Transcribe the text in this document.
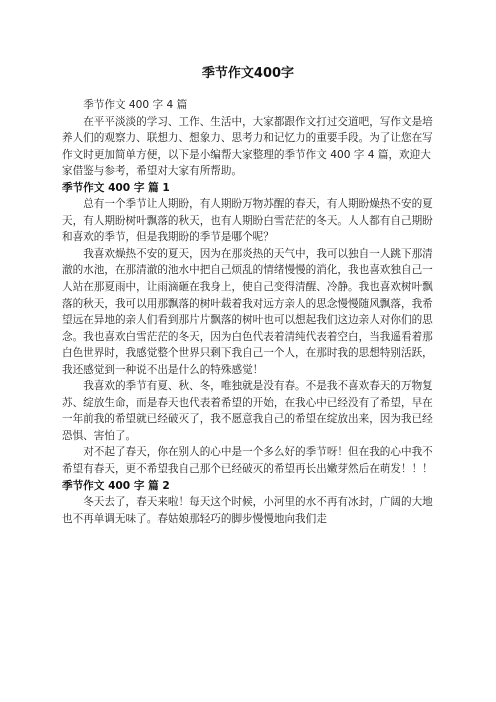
季节作文400字

季节作文 400 字 4 篇

在平平淡淡的学习、工作、生活中，大家都跟作文打过交道吧，写作文是培养人们的观察力、联想力、想象力、思考力和记忆力的重要手段。为了让您在写作文时更加简单方便，以下是小编帮大家整理的季节作文 400 字 4 篇，欢迎大家借鉴与参考，希望对大家有所帮助。

季节作文 400 字 篇 1

总有一个季节让人期盼，有人期盼万物苏醒的春天，有人期盼燥热不安的夏天，有人期盼树叶飘落的秋天，也有人期盼白雪茫茫的冬天。人人都有自己期盼和喜欢的季节，但是我期盼的季节是哪个呢？

我喜欢燥热不安的夏天，因为在那炎热的天气中，我可以独自一人跳下那清澈的水池，在那清澈的池水中把自己烦乱的情绪慢慢的消化，我也喜欢独自己一人站在那夏雨中，让雨滴砸在我身上，使自己变得清醒、冷静。我也喜欢树叶飘落的秋天，我可以用那飘落的树叶载着我对远方亲人的思念慢慢随风飘落，我希望远在异地的亲人们看到那片片飘落的树叶也可以想起我们这边亲人对你们的思念。我也喜欢白雪茫茫的冬天，因为白色代表着清纯代表着空白，当我遥看着那白色世界时，我感觉整个世界只剩下我自己一个人，在那时我的思想特别活跃，我还感觉到一种说不出是什么的特殊感觉！

我喜欢的季节有夏、秋、冬，唯独就是没有春。不是我不喜欢春天的万物复苏、绽放生命，而是春天也代表着希望的开始，在我心中已经没有了希望，早在一年前我的希望就已经破灭了，我不愿意我自己的希望在绽放出来，因为我已经恐惧、害怕了。

对不起了春天，你在别人的心中是一个多么好的季节呀！但在我的心中我不希望有春天，更不希望我自己那个已经破灭的希望再长出嫩芽然后在萌发！！！

季节作文 400 字 篇 2

冬天去了，春天来啦！每天这个时候，小河里的水不再有冰封，广阔的大地也不再单调无味了。春姑娘那轻巧的脚步慢慢地向我们走
